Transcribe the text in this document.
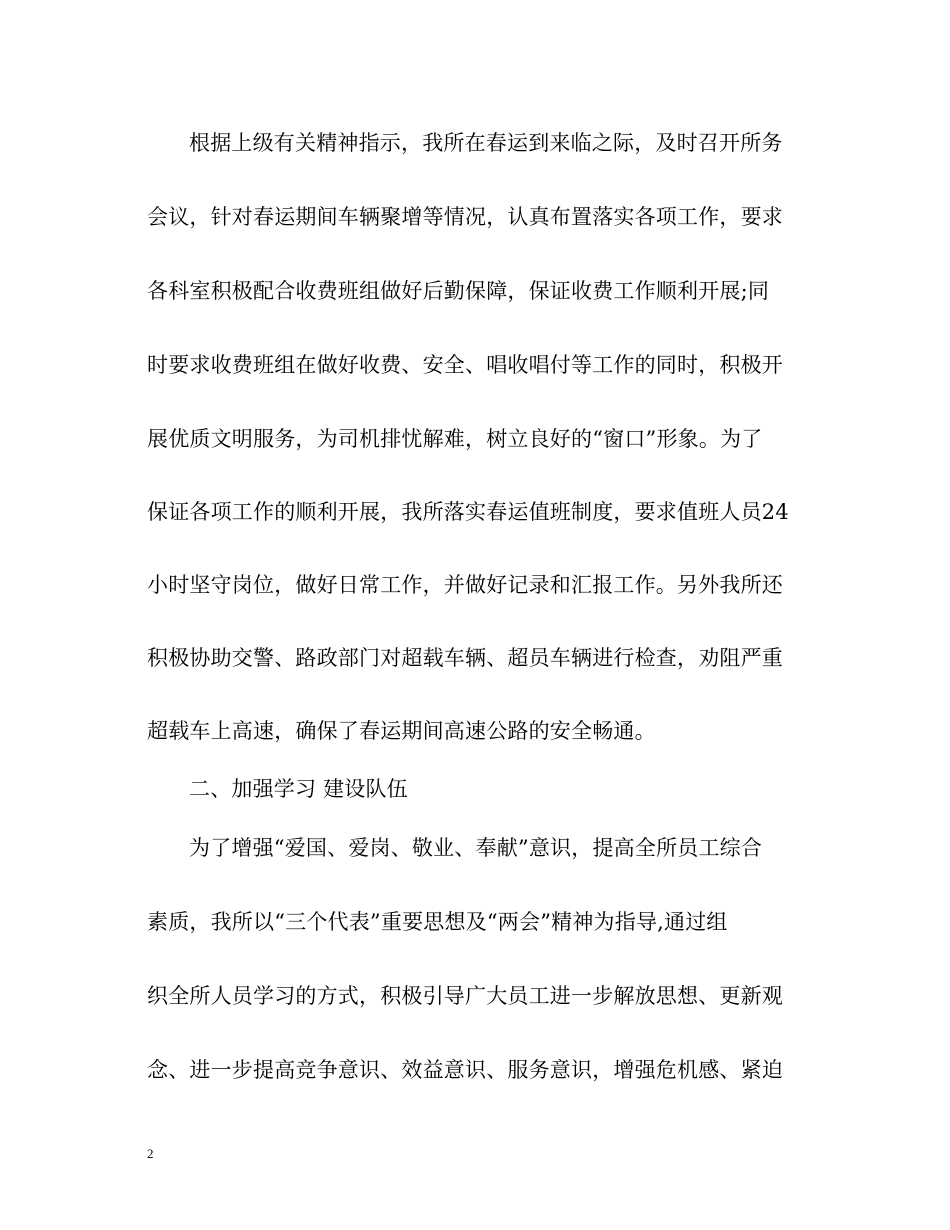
根据上级有关精神指示，我所在春运到来临之际，及时召开所务
会议，针对春运期间车辆聚增等情况，认真布置落实各项工作，要求
各科室积极配合收费班组做好后勤保障，保证收费工作顺利开展;同
时要求收费班组在做好收费、安全、唱收唱付等工作的同时，积极开
展优质文明服务，为司机排忧解难，树立良好的“窗口”形象。为了
保证各项工作的顺利开展，我所落实春运值班制度，要求值班人员24
小时坚守岗位，做好日常工作，并做好记录和汇报工作。另外我所还
积极协助交警、路政部门对超载车辆、超员车辆进行检查，劝阻严重
超载车上高速，确保了春运期间高速公路的安全畅通。
二、加强学习 建设队伍
为了增强“爱国、爱岗、敬业、奉献”意识，提高全所员工综合
素质，我所以“三个代表”重要思想及“两会”精神为指导,通过组
织全所人员学习的方式，积极引导广大员工进一步解放思想、更新观
念、进一步提高竞争意识、效益意识、服务意识，增强危机感、紧迫
2
